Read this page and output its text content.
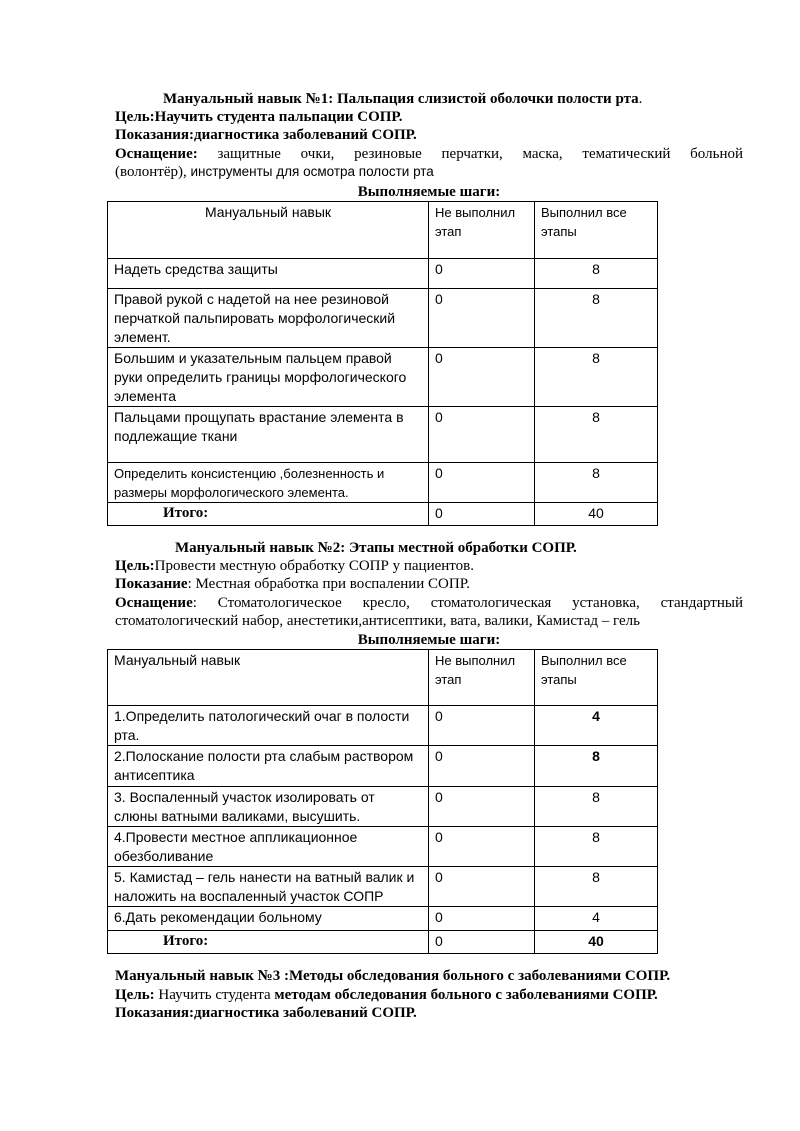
Мануальный навык №1: Пальпация слизистой оболочки полости рта.
Цель:Научить студента пальпации СОПР.
Показания:диагностика заболеваний СОПР.
Оснащение: защитные очки, резиновые перчатки, маска, тематический больной
(волонтёр), инструменты для осмотра полости рта
Выполняемые шаги:
Мануальный навык	Не выполнил этап	Выполнил все этапы
Надеть средства защиты	0	8
Правой рукой с надетой на нее резиновой перчаткой пальпировать морфологический элемент.	0	8
Большим и указательным пальцем правой руки определить границы морфологического элемента	0	8
Пальцами прощупать врастание элемента в подлежащие ткани	0	8
Определить консистенцию ,болезненность и размеры морфологического элемента.	0	8
Итого:	0	40
Мануальный навык №2: Этапы местной обработки СОПР.
Цель:Провести местную обработку СОПР у пациентов.
Показание: Местная обработка при воспалении СОПР.
Оснащение: Стоматологическое кресло, стоматологическая установка, стандартный
стоматологический набор, анестетики,антисептики, вата, валики, Камистад – гель
Выполняемые шаги:
Мануальный навык	Не выполнил этап	Выполнил все этапы
1.Определить патологический очаг в полости рта.	0	4
2.Полоскание полости рта слабым раствором антисептика	0	8
3. Воспаленный участок изолировать от слюны ватными валиками, высушить.	0	8
4.Провести местное аппликационное обезболивание	0	8
5. Камистад – гель нанести на ватный валик и наложить на воспаленный участок СОПР	0	8
6.Дать рекомендации больному	0	4
Итого:	0	40
Мануальный навык №3 :Методы обследования больного с заболеваниями СОПР.
Цель: Научить студента методам обследования больного с заболеваниями СОПР.
Показания:диагностика заболеваний СОПР.
